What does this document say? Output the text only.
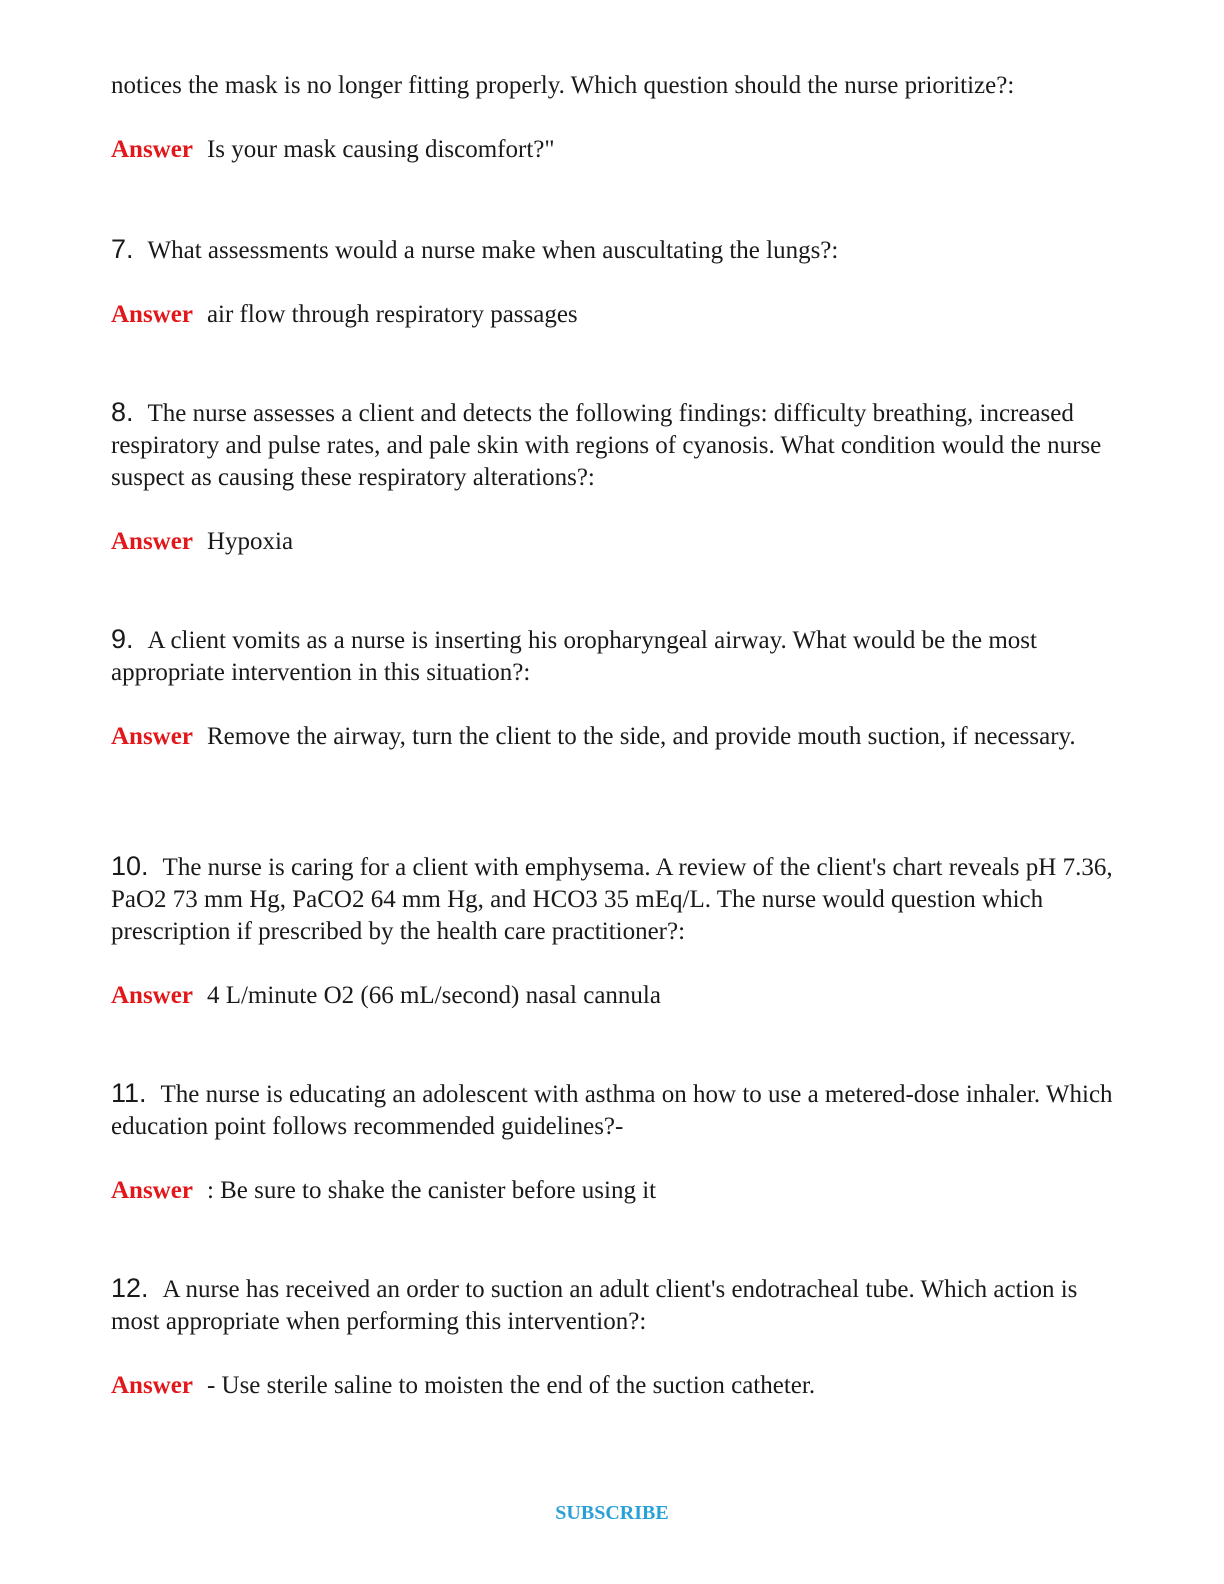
notices the mask is no longer fitting properly. Which question should the nurse prioritize?:

Answer Is your mask causing discomfort?"

7. What assessments would a nurse make when auscultating the lungs?:

Answer air flow through respiratory passages

8. The nurse assesses a client and detects the following findings: difficulty breathing, increased respiratory and pulse rates, and pale skin with regions of cyanosis. What condition would the nurse suspect as causing these respiratory alterations?:

Answer Hypoxia

9. A client vomits as a nurse is inserting his oropharyngeal airway. What would be the most appropriate intervention in this situation?:

Answer Remove the airway, turn the client to the side, and provide mouth suction, if necessary.

10. The nurse is caring for a client with emphysema. A review of the client's chart reveals pH 7.36, PaO2 73 mm Hg, PaCO2 64 mm Hg, and HCO3 35 mEq/L. The nurse would question which prescription if prescribed by the health care practitioner?:

Answer 4 L/minute O2 (66 mL/second) nasal cannula

11. The nurse is educating an adolescent with asthma on how to use a metered-dose inhaler. Which education point follows recommended guidelines?-

Answer : Be sure to shake the canister before using it

12. A nurse has received an order to suction an adult client's endotracheal tube. Which action is most appropriate when performing this intervention?:

Answer - Use sterile saline to moisten the end of the suction catheter.

SUBSCRIBE
